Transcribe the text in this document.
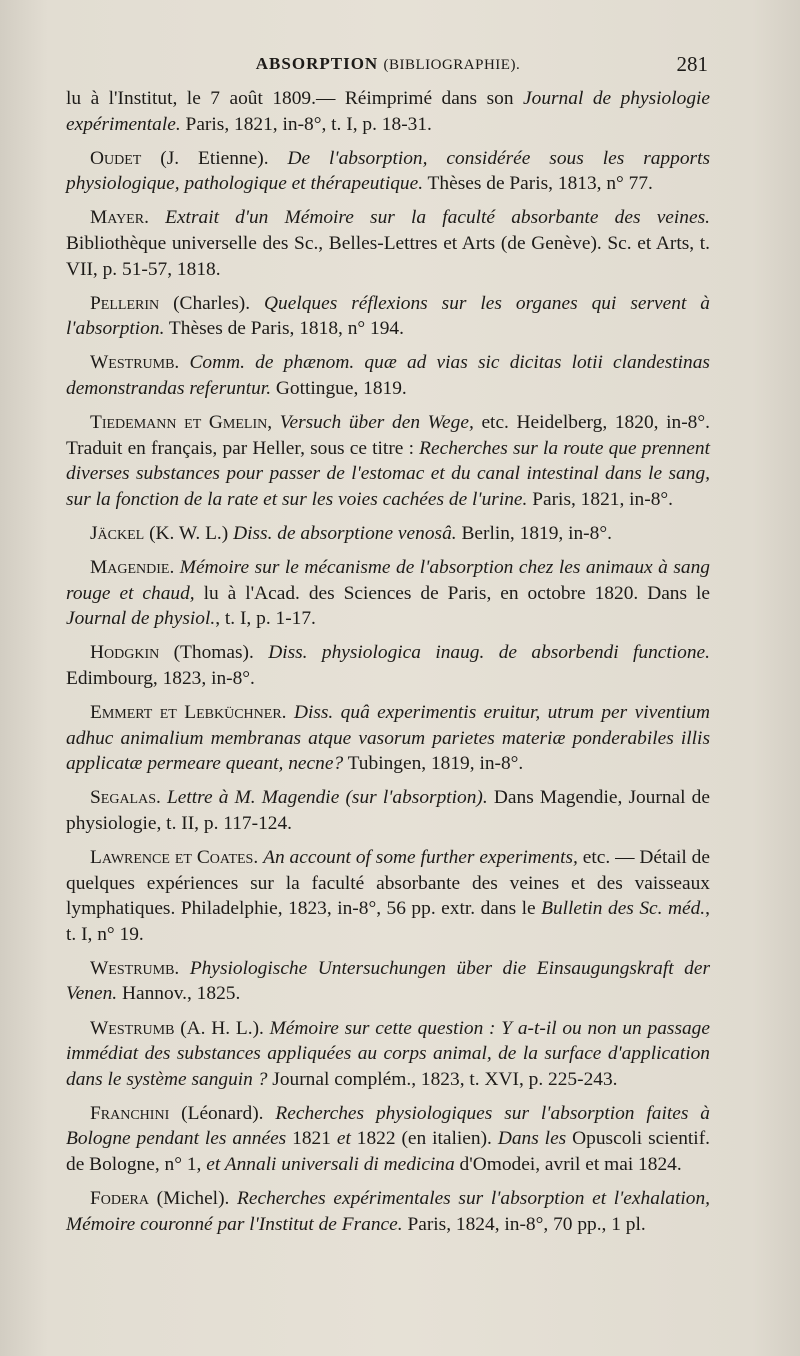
ABSORPTION (BIBLIOGRAPHIE).	281

lu à l'Institut, le 7 août 1809.— Réimprimé dans son Journal de physiologie expérimentale. Paris, 1821, in-8°, t. I, p. 18-31.

Oudet (J. Etienne). De l'absorption, considérée sous les rapports physiologique, pathologique et thérapeutique. Thèses de Paris, 1813, n° 77.

Mayer. Extrait d'un Mémoire sur la faculté absorbante des veines. Bibliothèque universelle des Sc., Belles-Lettres et Arts (de Genève). Sc. et Arts, t. VII, p. 51-57, 1818.

Pellerin (Charles). Quelques réflexions sur les organes qui servent à l'absorption. Thèses de Paris, 1818, n° 194.

Westrumb. Comm. de phænom. quæ ad vias sic dicitas lotii clandestinas demonstrandas referuntur. Gottingue, 1819.

Tiedemann et Gmelin, Versuch über den Wege, etc. Heidelberg, 1820, in-8°. Traduit en français, par Heller, sous ce titre : Recherches sur la route que prennent diverses substances pour passer de l'estomac et du canal intestinal dans le sang, sur la fonction de la rate et sur les voies cachées de l'urine. Paris, 1821, in-8°.

Jäckel (K. W. L.) Diss. de absorptione venosâ. Berlin, 1819, in-8°.

Magendie. Mémoire sur le mécanisme de l'absorption chez les animaux à sang rouge et chaud, lu à l'Acad. des Sciences de Paris, en octobre 1820. Dans le Journal de physiol., t. I, p. 1-17.

Hodgkin (Thomas). Diss. physiologica inaug. de absorbendi functione. Edimbourg, 1823, in-8°.

Emmert et Lebküchner. Diss. quâ experimentis eruitur, utrum per viventium adhuc animalium membranas atque vasorum parietes materiæ ponderabiles illis applicatæ permeare queant, necne? Tubingen, 1819, in-8°.

Segalas. Lettre à M. Magendie (sur l'absorption). Dans Magendie, Journal de physiologie, t. II, p. 117-124.

Lawrence et Coates. An account of some further experiments, etc. — Détail de quelques expériences sur la faculté absorbante des veines et des vaisseaux lymphatiques. Philadelphie, 1823, in-8°, 56 pp. extr. dans le Bulletin des Sc. méd., t. I, n° 19.

Westrumb. Physiologische Untersuchungen über die Einsaugungskraft der Venen. Hannov., 1825.

Westrumb (A. H. L.). Mémoire sur cette question : Y a-t-il ou non un passage immédiat des substances appliquées au corps animal, de la surface d'application dans le système sanguin ? Journal complém., 1823, t. XVI, p. 225-243.

Franchini (Léonard). Recherches physiologiques sur l'absorption faites à Bologne pendant les années 1821 et 1822 (en italien). Dans les Opuscoli scientif. de Bologne, n° 1, et Annali universali di medicina d'Omodei, avril et mai 1824.

Fodera (Michel). Recherches expérimentales sur l'absorption et l'exhalation, Mémoire couronné par l'Institut de France. Paris, 1824, in-8°, 70 pp., 1 pl.
